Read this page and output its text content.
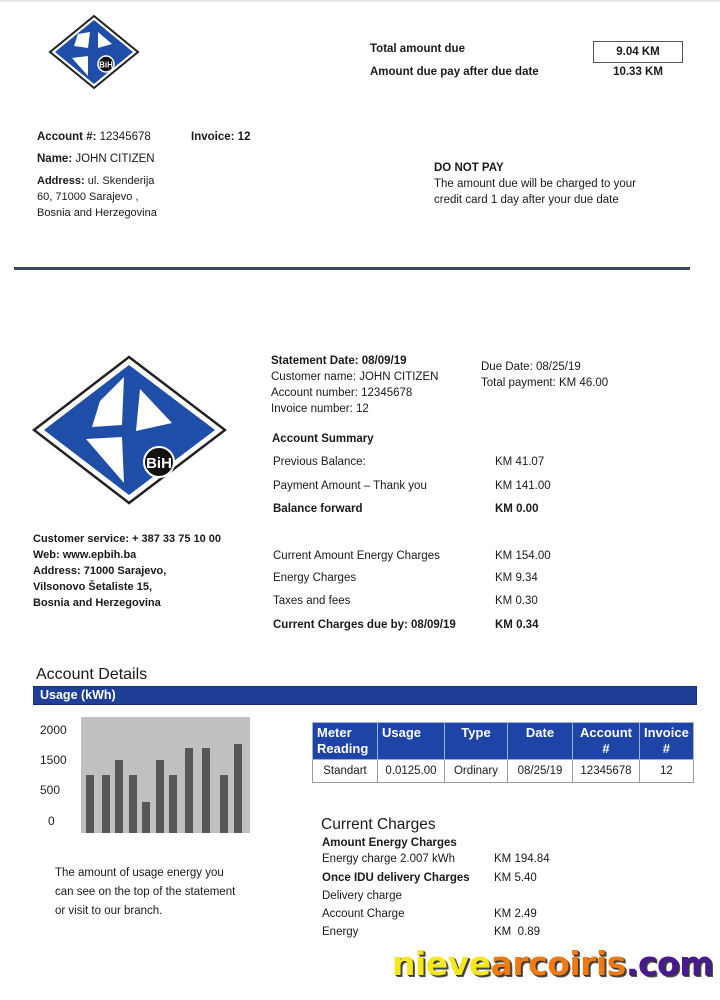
BiH
Total amount due	9.04 KM
Amount due pay after due date	10.33 KM
Account #: 12345678	Invoice: 12
Name: JOHN CITIZEN
Address: ul. Skenderija
60, 71000 Sarajevo ,
Bosnia and Herzegovina
DO NOT PAY
The amount due will be charged to your
credit card 1 day after your due date
BiH
Statement Date: 08/09/19
Customer name: JOHN CITIZEN
Account number: 12345678
Invoice number: 12
Due Date: 08/25/19
Total payment: KM 46.00
Account Summary
Previous Balance:	KM 41.07
Payment Amount – Thank you	KM 141.00
Balance forward	KM 0.00
Current Amount Energy Charges	KM 154.00
Energy Charges	KM 9.34
Taxes and fees	KM 0.30
Current Charges due by: 08/09/19	KM 0.34
Customer service: + 387 33 75 10 00
Web: www.epbih.ba
Address: 71000 Sarajevo,
Vilsonovo Šetaliste 15,
Bosnia and Herzegovina
Account Details
Usage (kWh)
2000
1500
500
0
Meter Reading	Usage	Type	Date	Account #	Invoice #
Standart	0.0125.00	Ordinary	08/25/19	12345678	12
The amount of usage energy you
can see on the top of the statement
or visit to our branch.
Current Charges
Amount Energy Charges
Energy charge 2.007 kWh	KM 194.84
Once IDU delivery Charges KM 5.40
Delivery charge
Account Charge	KM 2.49
Energy	KM  0.89
nievearcoiris.com
